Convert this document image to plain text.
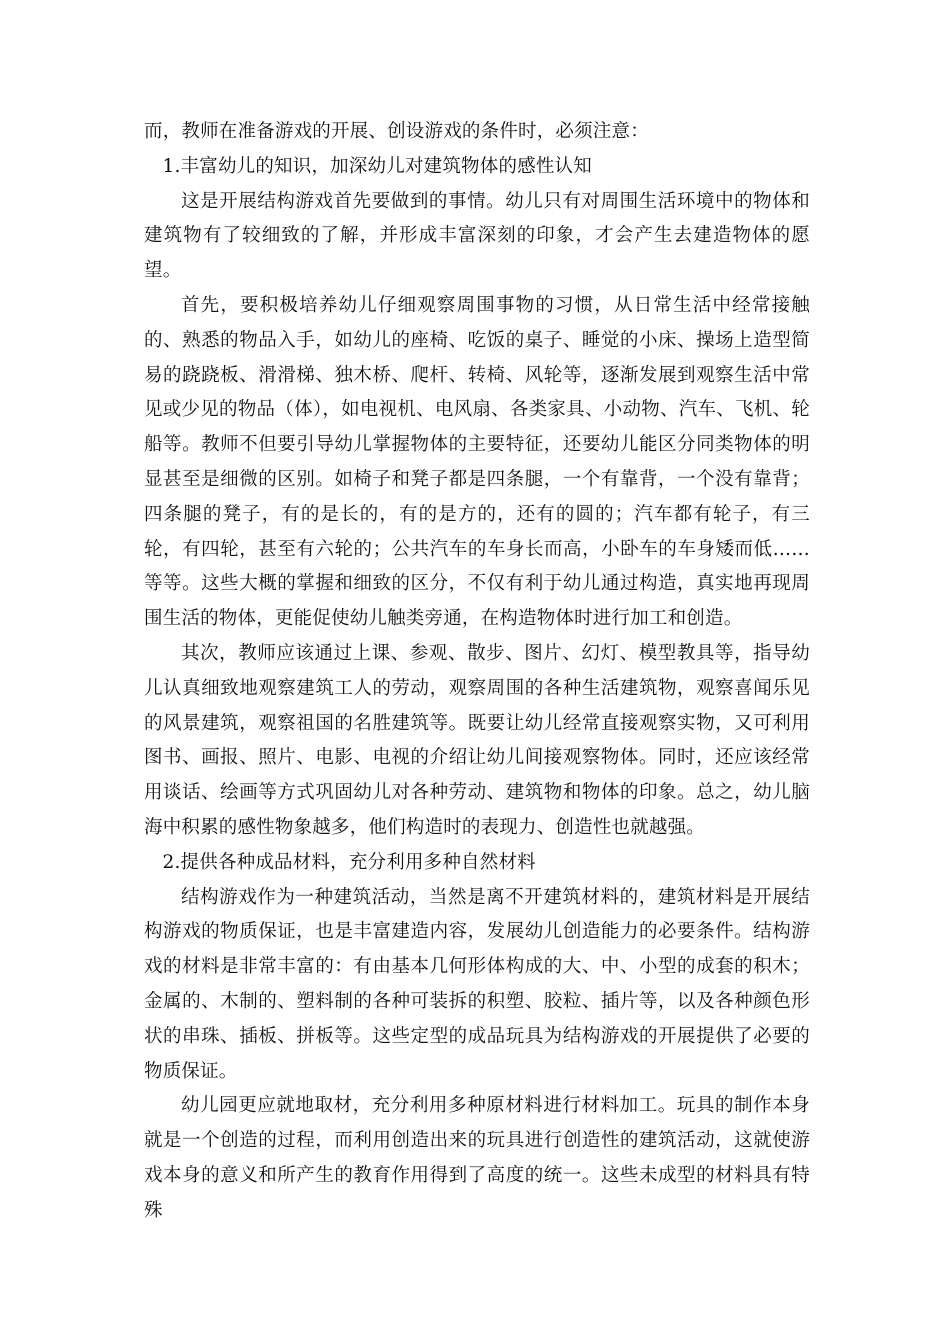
而，教师在准备游戏的开展、创设游戏的条件时，必须注意：

1.丰富幼儿的知识，加深幼儿对建筑物体的感性认知

这是开展结构游戏首先要做到的事情。幼儿只有对周围生活环境中的物体和建筑物有了较细致的了解，并形成丰富深刻的印象，才会产生去建造物体的愿望。

首先，要积极培养幼儿仔细观察周围事物的习惯，从日常生活中经常接触的、熟悉的物品入手，如幼儿的座椅、吃饭的桌子、睡觉的小床、操场上造型简易的跷跷板、滑滑梯、独木桥、爬杆、转椅、风轮等，逐渐发展到观察生活中常见或少见的物品（体），如电视机、电风扇、各类家具、小动物、汽车、飞机、轮船等。教师不但要引导幼儿掌握物体的主要特征，还要幼儿能区分同类物体的明显甚至是细微的区别。如椅子和凳子都是四条腿，一个有靠背，一个没有靠背；四条腿的凳子，有的是长的，有的是方的，还有的圆的；汽车都有轮子，有三轮，有四轮，甚至有六轮的；公共汽车的车身长而高，小卧车的车身矮而低……等等。这些大概的掌握和细致的区分，不仅有利于幼儿通过构造，真实地再现周围生活的物体，更能促使幼儿触类旁通，在构造物体时进行加工和创造。

其次，教师应该通过上课、参观、散步、图片、幻灯、模型教具等，指导幼儿认真细致地观察建筑工人的劳动，观察周围的各种生活建筑物，观察喜闻乐见的风景建筑，观察祖国的名胜建筑等。既要让幼儿经常直接观察实物，又可利用图书、画报、照片、电影、电视的介绍让幼儿间接观察物体。同时，还应该经常用谈话、绘画等方式巩固幼儿对各种劳动、建筑物和物体的印象。总之，幼儿脑海中积累的感性物象越多，他们构造时的表现力、创造性也就越强。

2.提供各种成品材料，充分利用多种自然材料

结构游戏作为一种建筑活动，当然是离不开建筑材料的，建筑材料是开展结构游戏的物质保证，也是丰富建造内容，发展幼儿创造能力的必要条件。结构游戏的材料是非常丰富的：有由基本几何形体构成的大、中、小型的成套的积木；金属的、木制的、塑料制的各种可装拆的积塑、胶粒、插片等，以及各种颜色形状的串珠、插板、拼板等。这些定型的成品玩具为结构游戏的开展提供了必要的物质保证。

幼儿园更应就地取材，充分利用多种原材料进行材料加工。玩具的制作本身就是一个创造的过程，而利用创造出来的玩具进行创造性的建筑活动，这就使游戏本身的意义和所产生的教育作用得到了高度的统一。这些未成型的材料具有特殊
